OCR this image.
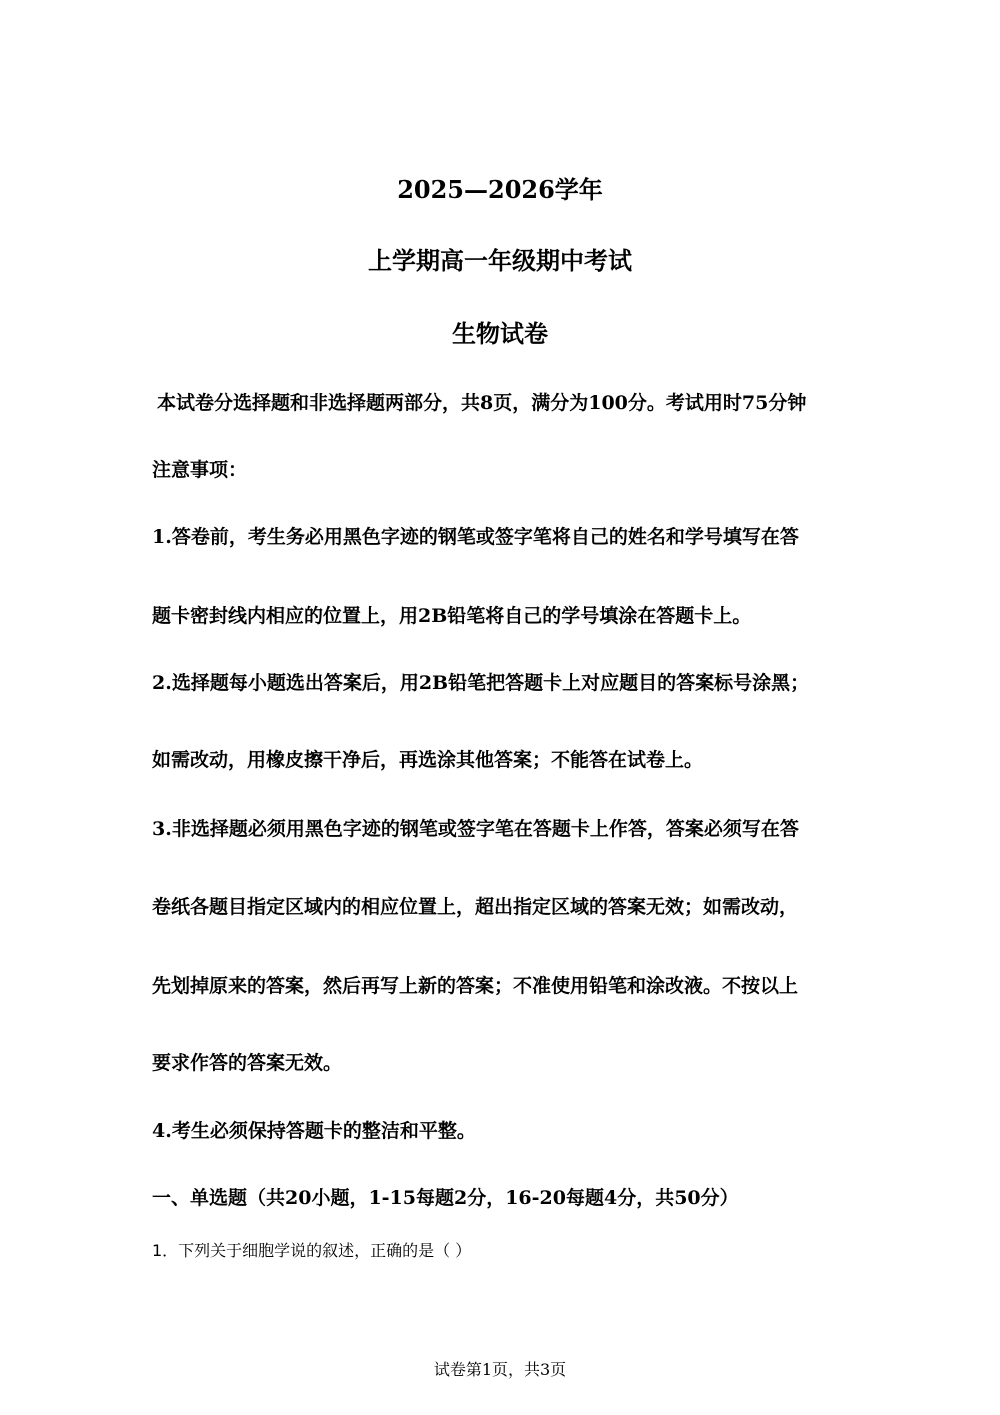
2025—2026学年
上学期高一年级期中考试
生物试卷
本试卷分选择题和非选择题两部分，共8页，满分为100分。考试用时75分钟
注意事项：
1.答卷前，考生务必用黑色字迹的钢笔或签字笔将自己的姓名和学号填写在答
题卡密封线内相应的位置上，用2B铅笔将自己的学号填涂在答题卡上。
2.选择题每小题选出答案后，用2B铅笔把答题卡上对应题目的答案标号涂黑；
如需改动，用橡皮擦干净后，再选涂其他答案；不能答在试卷上。
3.非选择题必须用黑色字迹的钢笔或签字笔在答题卡上作答，答案必须写在答
卷纸各题目指定区域内的相应位置上，超出指定区域的答案无效；如需改动，
先划掉原来的答案，然后再写上新的答案；不准使用铅笔和涂改液。不按以上
要求作答的答案无效。
4.考生必须保持答题卡的整洁和平整。
一、单选题（共20小题，1-15每题2分，16-20每题4分，共50分）
1．下列关于细胞学说的叙述，正确的是（ ）
试卷第1页，共3页
